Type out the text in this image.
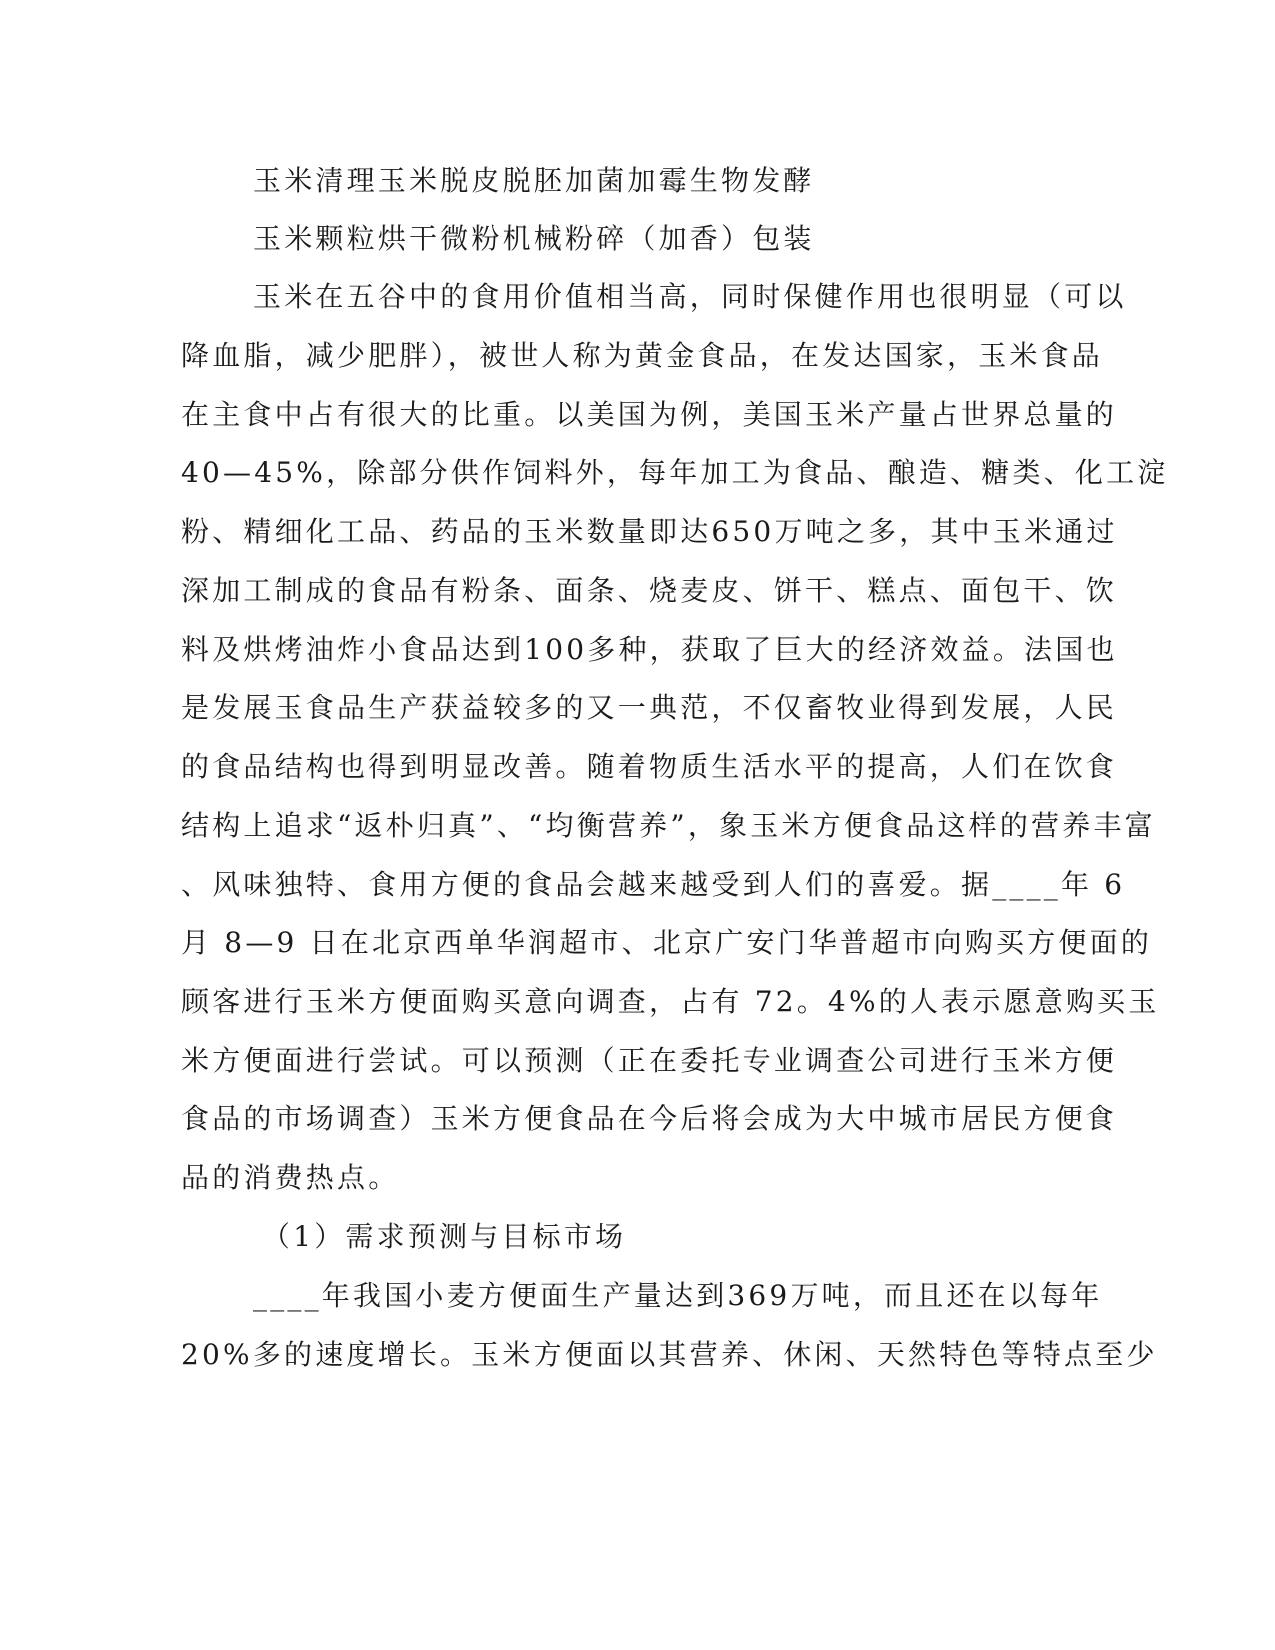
玉米清理玉米脱皮脱胚加菌加霉生物发酵
玉米颗粒烘干微粉机械粉碎（加香）包装
玉米在五谷中的食用价值相当高，同时保健作用也很明显（可以
降血脂，减少肥胖），被世人称为黄金食品，在发达国家，玉米食品
在主食中占有很大的比重。以美国为例，美国玉米产量占世界总量的
40—45%，除部分供作饲料外，每年加工为食品、酿造、糖类、化工淀
粉、精细化工品、药品的玉米数量即达650万吨之多，其中玉米通过
深加工制成的食品有粉条、面条、烧麦皮、饼干、糕点、面包干、饮
料及烘烤油炸小食品达到100多种，获取了巨大的经济效益。法国也
是发展玉食品生产获益较多的又一典范，不仅畜牧业得到发展，人民
的食品结构也得到明显改善。随着物质生活水平的提高，人们在饮食
结构上追求“返朴归真”、“均衡营养”，象玉米方便食品这样的营养丰富
、风味独特、食用方便的食品会越来越受到人们的喜爱。据____年 6
月 8—9 日在北京西单华润超市、北京广安门华普超市向购买方便面的
顾客进行玉米方便面购买意向调查，占有 72。4%的人表示愿意购买玉
米方便面进行尝试。可以预测（正在委托专业调查公司进行玉米方便
食品的市场调查）玉米方便食品在今后将会成为大中城市居民方便食
品的消费热点。
（1）需求预测与目标市场
____年我国小麦方便面生产量达到369万吨，而且还在以每年
20%多的速度增长。玉米方便面以其营养、休闲、天然特色等特点至少
